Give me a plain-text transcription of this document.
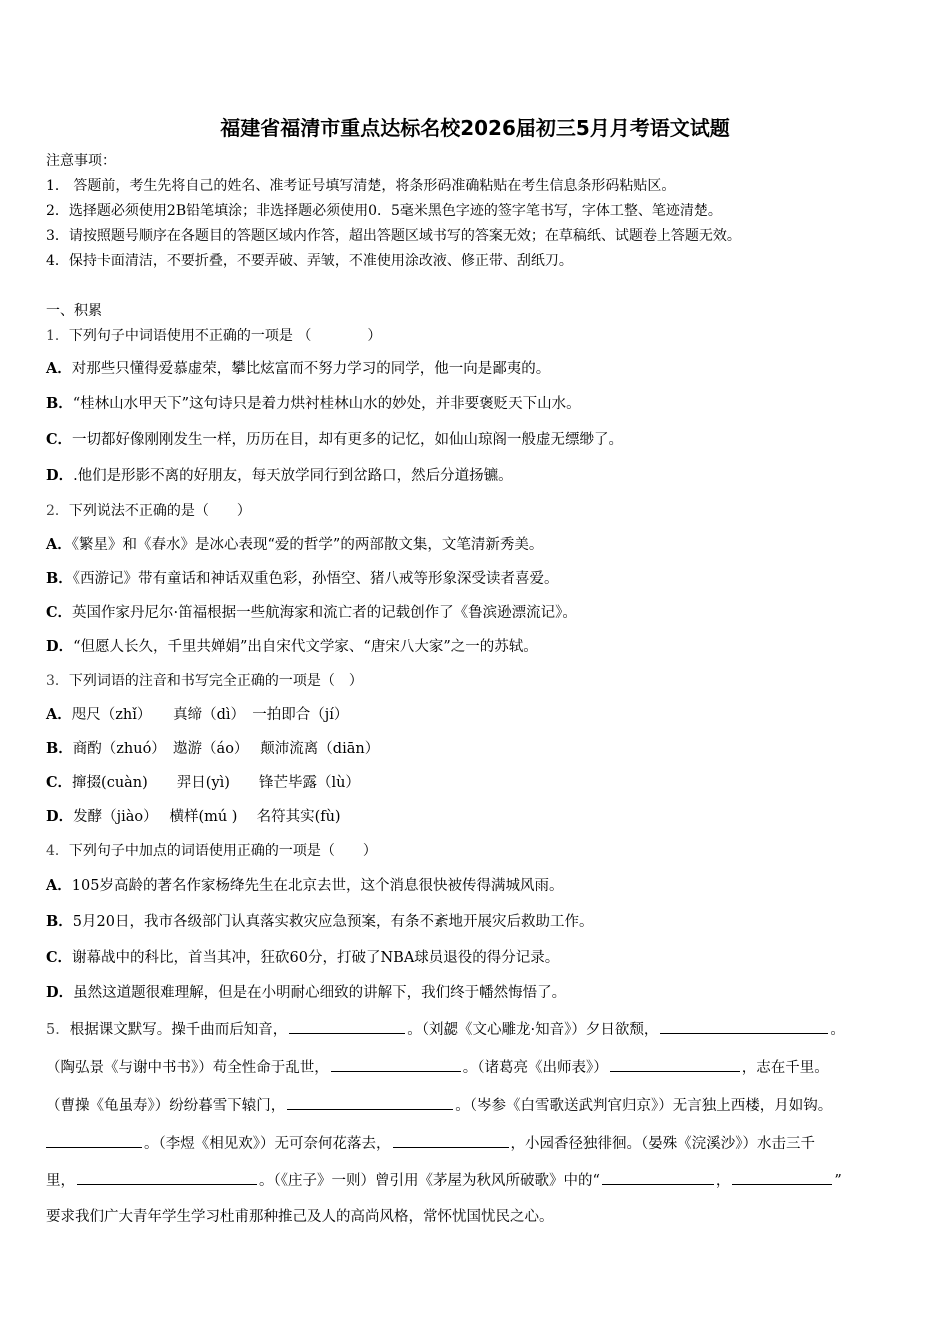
福建省福清市重点达标名校2026届初三5月月考语文试题
注意事项：
1． 答题前，考生先将自己的姓名、准考证号填写清楚，将条形码准确粘贴在考生信息条形码粘贴区。
2．选择题必须使用2B铅笔填涂；非选择题必须使用0．5毫米黑色字迹的签字笔书写，字体工整、笔迹清楚。
3．请按照题号顺序在各题目的答题区域内作答，超出答题区域书写的答案无效；在草稿纸、试题卷上答题无效。
4．保持卡面清洁，不要折叠，不要弄破、弄皱，不准使用涂改液、修正带、刮纸刀。
一、积累
1．下列句子中词语使用不正确的一项是 （　　　　）
A．对那些只懂得爱慕虚荣，攀比炫富而不努力学习的同学，他一向是鄙夷的。
B．“桂林山水甲天下”这句诗只是着力烘衬桂林山水的妙处，并非要褒贬天下山水。
C．一切都好像刚刚发生一样，历历在目，却有更多的记忆，如仙山琼阁一般虚无缥缈了。
D．.他们是形影不离的好朋友，每天放学同行到岔路口，然后分道扬镳。
2．下列说法不正确的是（　　）
A．《繁星》和《春水》是冰心表现“爱的哲学”的两部散文集，文笔清新秀美。
B．《西游记》带有童话和神话双重色彩，孙悟空、猪八戒等形象深受读者喜爱。
C．英国作家丹尼尔·笛福根据一些航海家和流亡者的记载创作了《鲁滨逊漂流记》。
D．“但愿人长久，千里共婵娟”出自宋代文学家、“唐宋八大家”之一的苏轼。
3．下列词语的注音和书写完全正确的一项是（　）
A．咫尺（zhǐ）　　真缔（dì）　一拍即合（jí）
B．商酌（zhuó）　遨游（áo）　 颠沛流离（diān）
C．撺掇(cuàn)　　羿日(yì)　　锋芒毕露（lù）
D．发酵（jiào）　 横样(mú )　 名符其实(fù)
4．下列句子中加点的词语使用正确的一项是（　　）
A．105岁高龄的著名作家杨绛先生在北京去世，这个消息很快被传得满城风雨。
B．5月20日，我市各级部门认真落实救灾应急预案，有条不紊地开展灾后救助工作。
C．谢幕战中的科比，首当其冲，狂砍60分，打破了NBA球员退役的得分记录。
D．虽然这道题很难理解，但是在小明耐心细致的讲解下，我们终于幡然悔悟了。
5．根据课文默写。操千曲而后知音，	。（刘勰《文心雕龙·知音》）夕日欲颓，	。
（陶弘景《与谢中书书》）苟全性命于乱世，	。（诸葛亮《出师表》）	，志在千里。
（曹操《龟虽寿》）纷纷暮雪下辕门，	。（岑参《白雪歌送武判官归京》）无言独上西楼，月如钩。
。（李煜《相见欢》）无可奈何花落去，	，小园香径独徘徊。（晏殊《浣溪沙》）水击三千
里，	。（《庄子》一则）曾引用《茅屋为秋风所破歌》中的“	，	”
要求我们广大青年学生学习杜甫那种推己及人的高尚风格，常怀忧国忧民之心。
